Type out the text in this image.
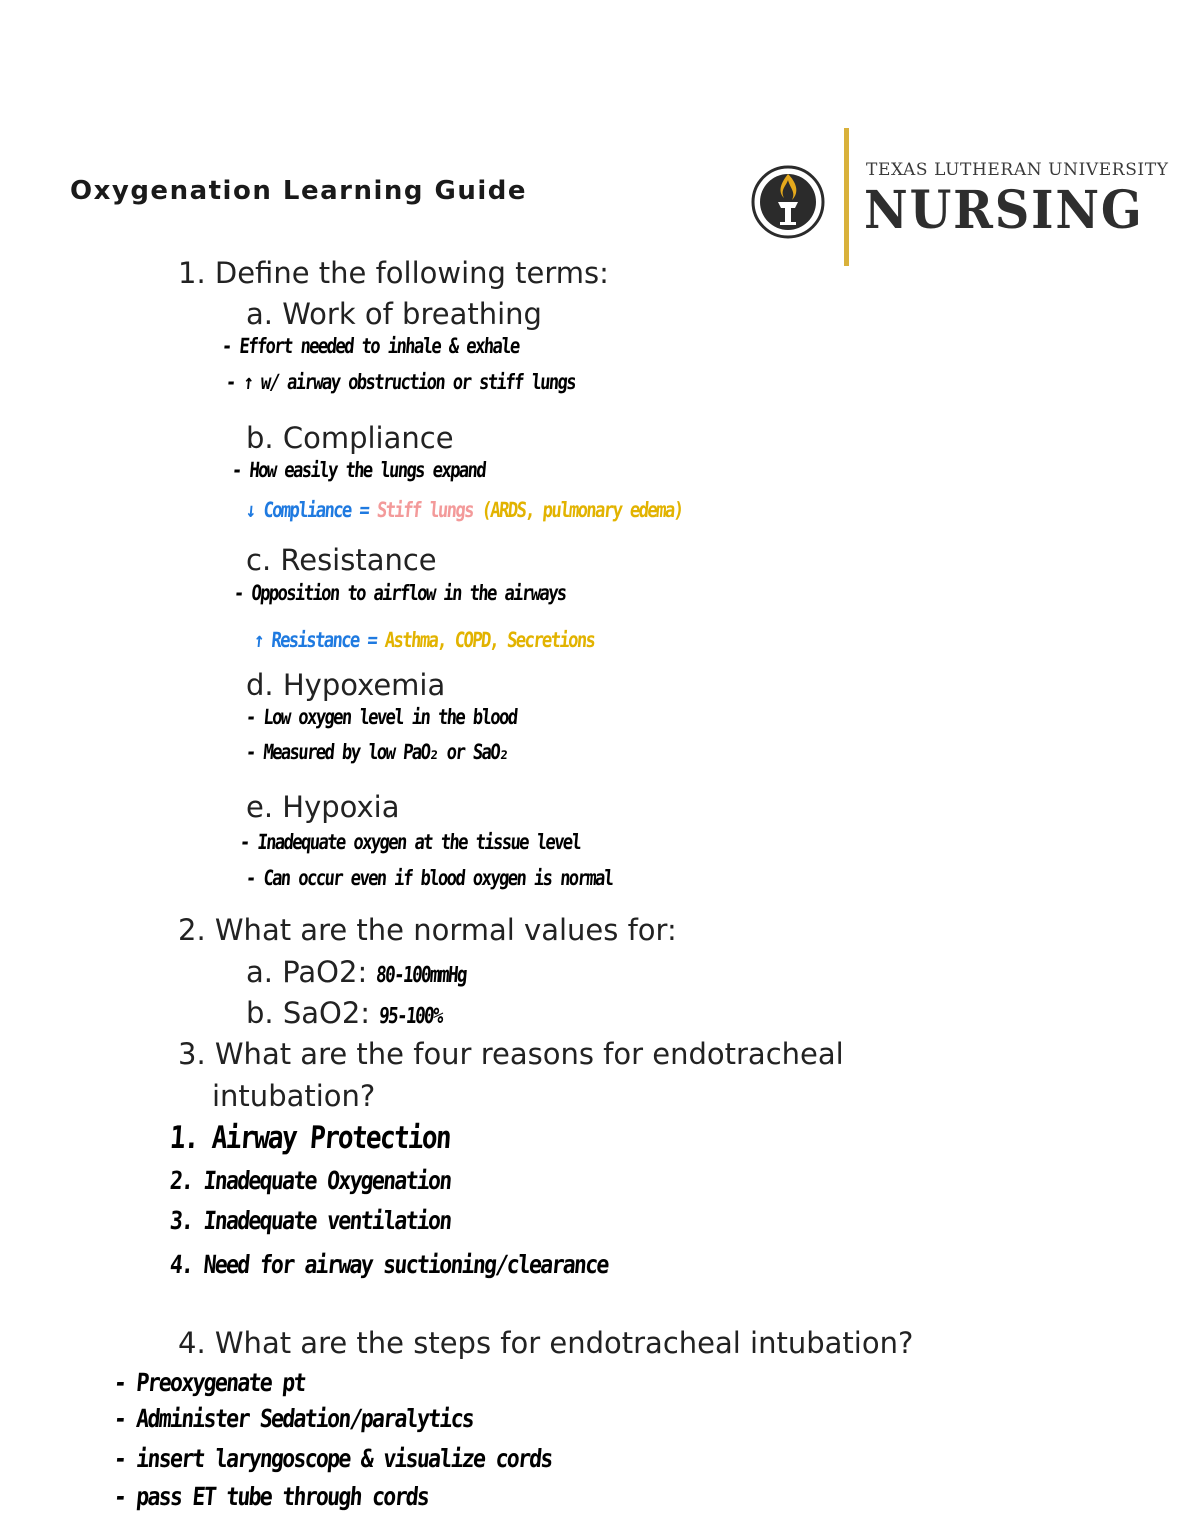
Oxygenation Learning Guide
TEXAS LUTHERAN UNIVERSITY
NURSING
1. Define the following terms:
a. Work of breathing
- Effort needed to inhale & exhale
- ↑ w/ airway obstruction or stiff lungs
b. Compliance
- How easily the lungs expand
↓ Compliance = Stiff lungs (ARDS, pulmonary edema)
c. Resistance
- Opposition to airflow in the airways
↑ Resistance = Asthma, COPD, Secretions
d. Hypoxemia
- Low oxygen level in the blood
- Measured by low PaO₂ or SaO₂
e. Hypoxia
- Inadequate oxygen at the tissue level
- Can occur even if blood oxygen is normal
2. What are the normal values for:
a. PaO2: 80-100mmHg
b. SaO2: 95-100%
3. What are the four reasons for endotracheal
intubation?
1. Airway Protection
2. Inadequate Oxygenation
3. Inadequate ventilation
4. Need for airway suctioning/clearance
4. What are the steps for endotracheal intubation?
- Preoxygenate pt
- Administer Sedation/paralytics
- insert laryngoscope & visualize cords
- pass ET tube through cords
